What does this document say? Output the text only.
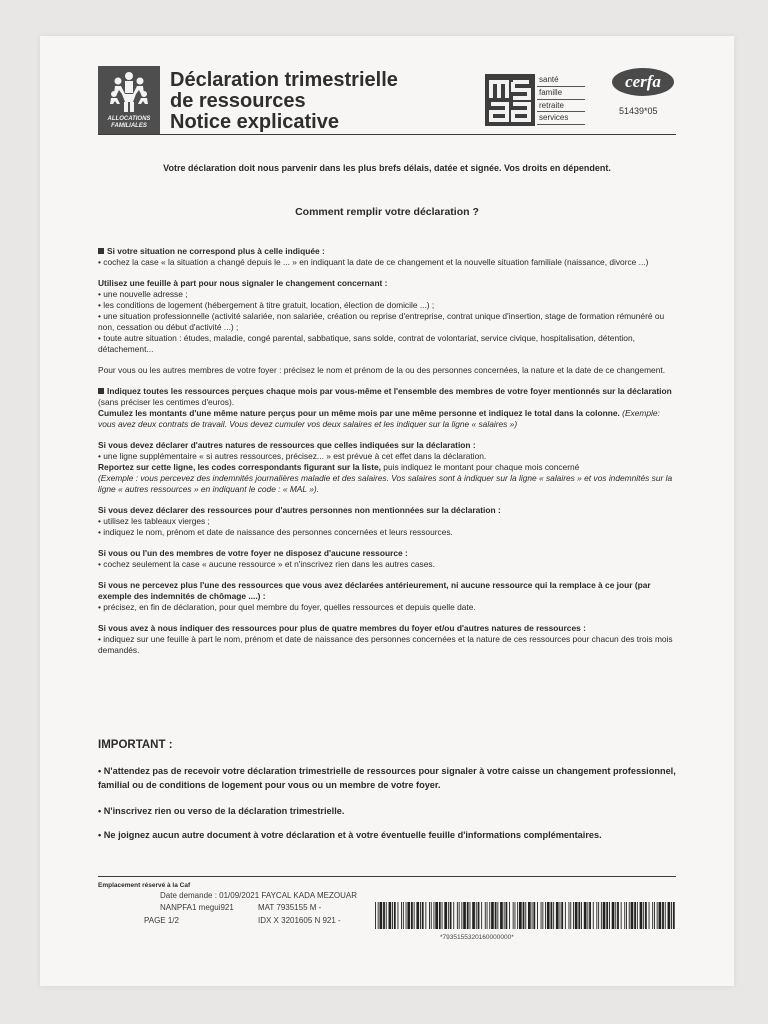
ALLOCATIONS
FAMILIALES
Déclaration trimestrielle
de ressources
Notice explicative
santé
famille
retraite
services
cerfa
51439*05
Votre déclaration doit nous parvenir dans les plus brefs délais, datée et signée. Vos droits en dépendent.
Comment remplir votre déclaration ?

Si votre situation ne correspond plus à celle indiquée :
• cochez la case « la situation a changé depuis le ... » en indiquant la date de ce changement et la nouvelle situation familiale (naissance, divorce ...)

Utilisez une feuille à part pour nous signaler le changement concernant :
• une nouvelle adresse ;
• les conditions de logement (hébergement à titre gratuit, location, élection de domicile ...) ;
• une situation professionnelle (activité salariée, non salariée, création ou reprise d'entreprise, contrat unique d'insertion, stage de formation rémunéré ou non, cessation ou début d'activité ...) ;
• toute autre situation : études, maladie, congé parental, sabbatique, sans solde, contrat de volontariat, service civique, hospitalisation, détention, détachement...

Pour vous ou les autres membres de votre foyer : précisez le nom et prénom de la ou des personnes concernées, la nature et la date de ce changement.

Indiquez toutes les ressources perçues chaque mois par vous-même et l'ensemble des membres de votre foyer mentionnés sur la déclaration (sans préciser les centimes d'euros).
Cumulez les montants d'une même nature perçus pour un même mois par une même personne et indiquez le total dans la colonne. (Exemple: vous avez deux contrats de travail. Vous devez cumuler vos deux salaires et les indiquer sur la ligne « salaires »)

Si vous devez déclarer d'autres natures de ressources que celles indiquées sur la déclaration :
• une ligne supplémentaire « si autres ressources, précisez... » est prévue à cet effet dans la déclaration.
Reportez sur cette ligne, les codes correspondants figurant sur la liste, puis indiquez le montant pour chaque mois concerné
(Exemple : vous percevez des indemnités journalières maladie et des salaires. Vos salaires sont à indiquer sur la ligne « salaires » et vos indemnités sur la ligne « autres ressources » en indiquant le code : « MAL »).

Si vous devez déclarer des ressources pour d'autres personnes non mentionnées sur la déclaration :
• utilisez les tableaux vierges ;
• indiquez le nom, prénom et date de naissance des personnes concernées et leurs ressources.

Si vous ou l'un des membres de votre foyer ne disposez d'aucune ressource :
• cochez seulement la case « aucune ressource » et n'inscrivez rien dans les autres cases.

Si vous ne percevez plus l'une des ressources que vous avez déclarées antérieurement, ni aucune ressource qui la remplace à ce jour (par exemple des indemnités de chômage ....) :
• précisez, en fin de déclaration, pour quel membre du foyer, quelles ressources et depuis quelle date.

Si vous avez à nous indiquer des ressources pour plus de quatre membres du foyer et/ou d'autres natures de ressources :
• indiquez sur une feuille à part le nom, prénom et date de naissance des personnes concernées et la nature de ces ressources pour chacun des trois mois demandés.

IMPORTANT :
• N'attendez pas de recevoir votre déclaration trimestrielle de ressources pour signaler à votre caisse un changement professionnel, familial ou de conditions de logement pour vous ou un membre de votre foyer.
• N'inscrivez rien ou verso de la déclaration trimestrielle.
• Ne joignez aucun autre document à votre déclaration et à votre éventuelle feuille d'informations complémentaires.
Emplacement réservé à la Caf
Date demande : 01/09/2021 FAYCAL KADA MEZOUAR
NANPFA1 megui921	MAT 7935155 M -
PAGE 1/2	IDX X 3201605 N 921 -
*7935155320160000000*
